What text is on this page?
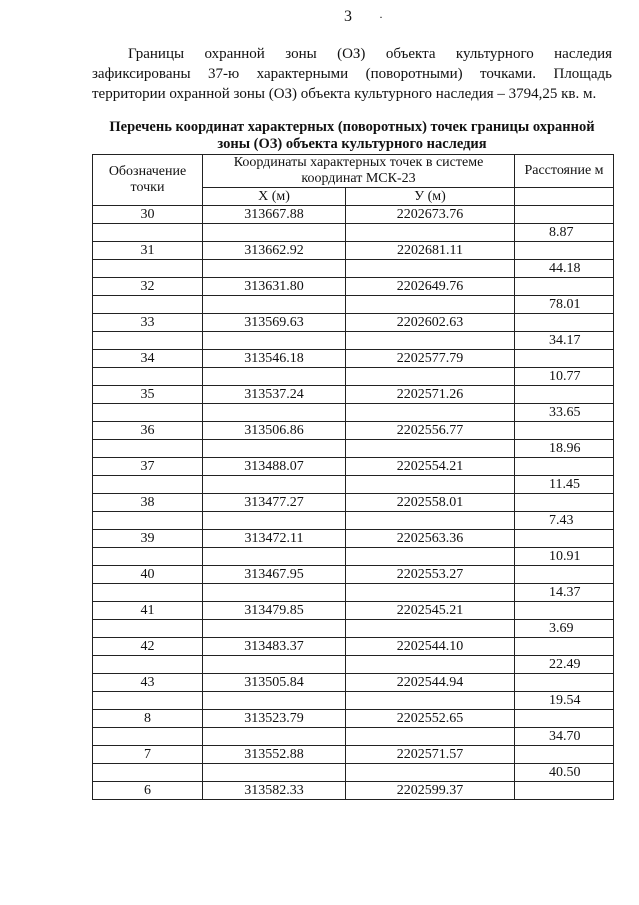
3 ·

Границы охранной зоны (ОЗ) объекта культурного наследия зафиксированы 37-ю характерными (поворотными) точками. Площадь территории охранной зоны (ОЗ) объекта культурного наследия – 3794,25 кв. м.

Перечень координат характерных (поворотных) точек границы охранной зоны (ОЗ) объекта культурного наследия
Обозначение точки	Координаты характерных точек в системе координат МСК-23		Расстояние м
	Х (м)	У (м)	
30	313667.88	2202673.76	
			8.87
31	313662.92	2202681.11	
			44.18
32	313631.80	2202649.76	
			78.01
33	313569.63	2202602.63	
			34.17
34	313546.18	2202577.79	
			10.77
35	313537.24	2202571.26	
			33.65
36	313506.86	2202556.77	
			18.96
37	313488.07	2202554.21	
			11.45
38	313477.27	2202558.01	
			7.43
39	313472.11	2202563.36	
			10.91
40	313467.95	2202553.27	
			14.37
41	313479.85	2202545.21	
			3.69
42	313483.37	2202544.10	
			22.49
43	313505.84	2202544.94	
			19.54
8	313523.79	2202552.65	
			34.70
7	313552.88	2202571.57	
			40.50
6	313582.33	2202599.37	
